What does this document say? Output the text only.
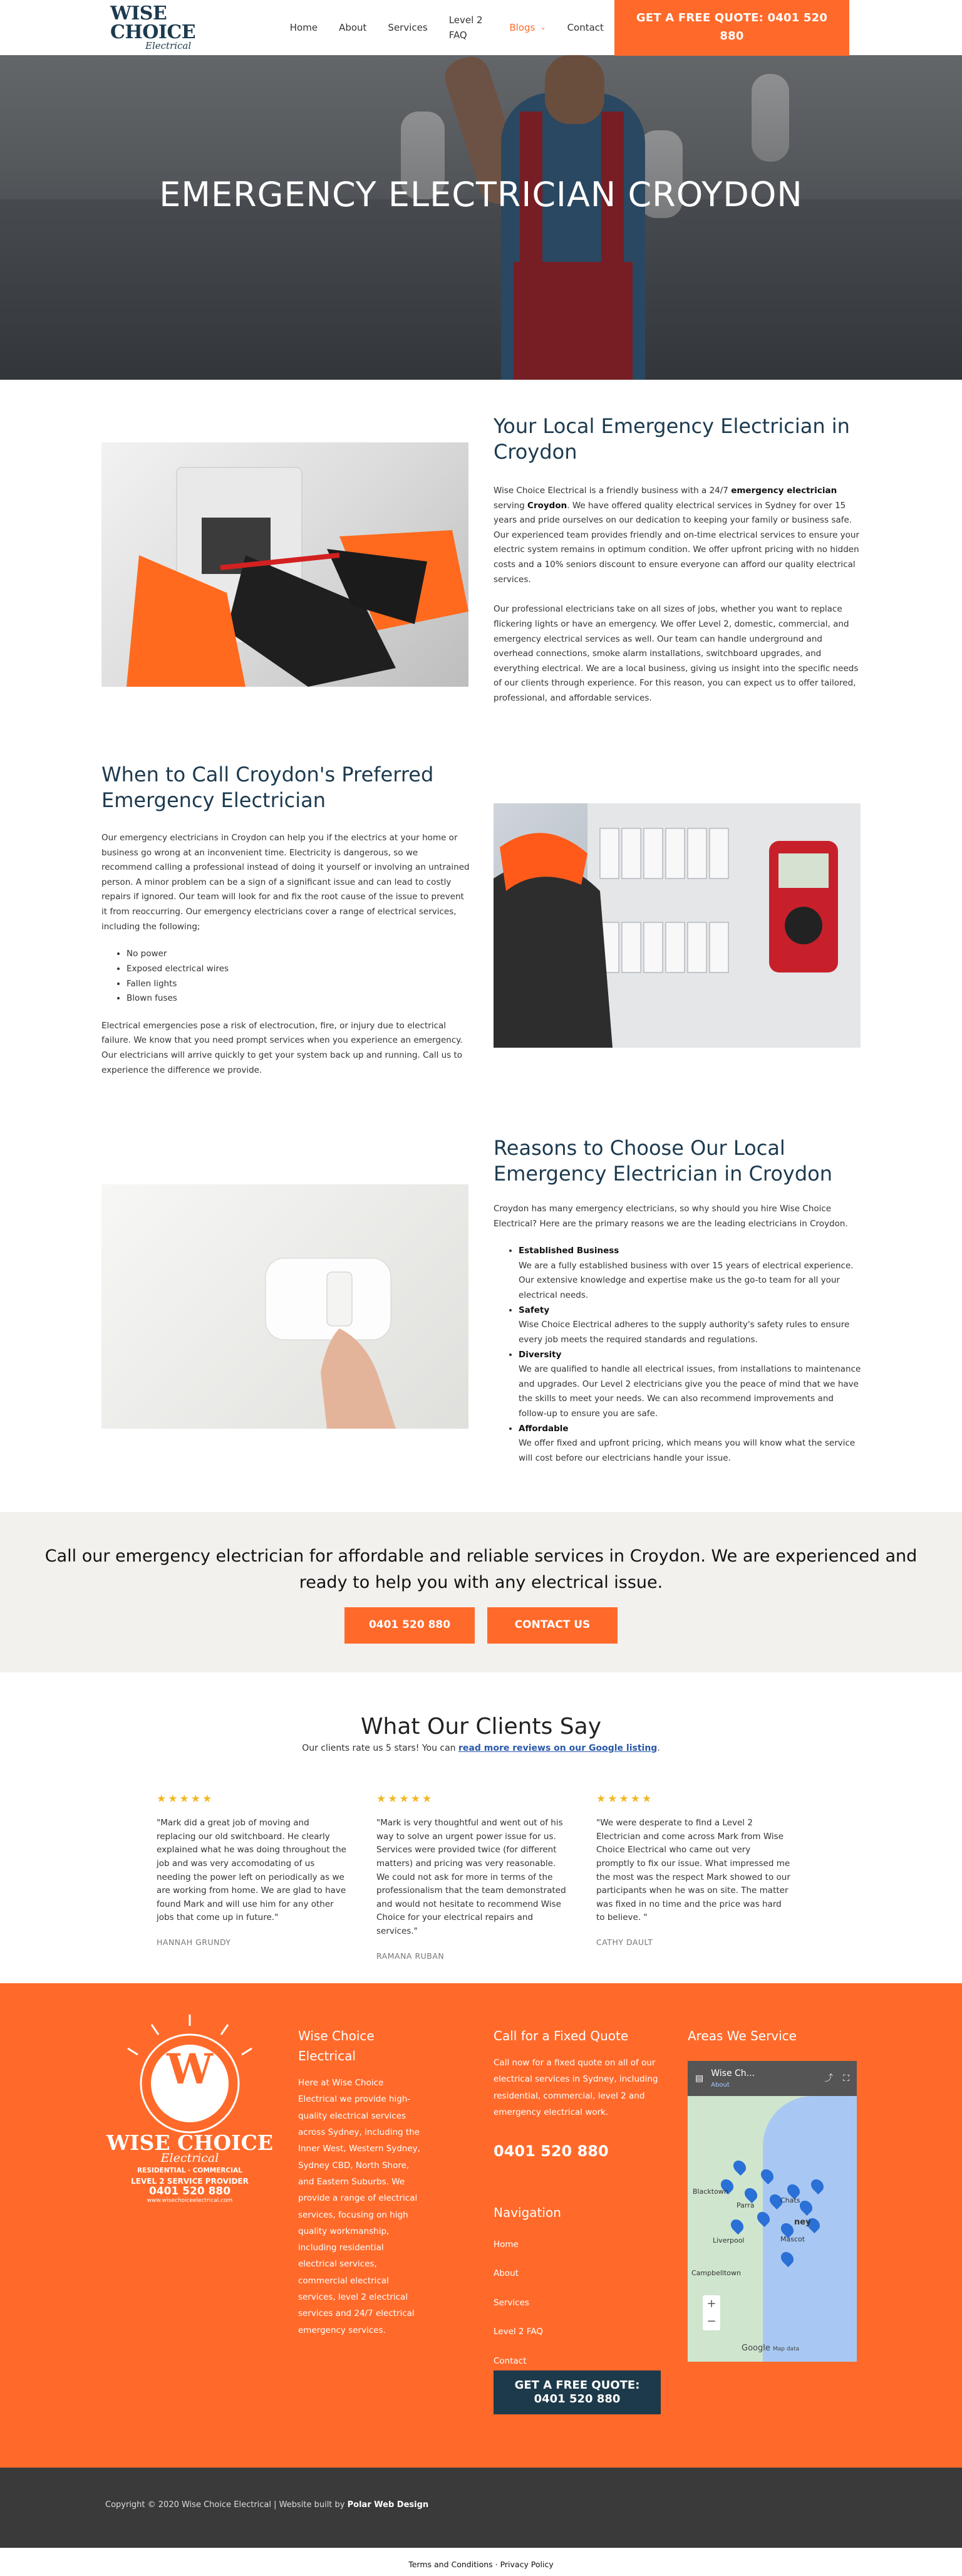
WISE CHOICE
Electrical
Home	About	Services
Level 2 FAQ
Blogs ⌄	Contact
GET A FREE QUOTE: 0401 520 880
EMERGENCY ELECTRICIAN CROYDON
Your Local Emergency Electrician in Croydon

Wise Choice Electrical is a friendly business with a 24/7 emergency electrician serving Croydon. We have offered quality electrical services in Sydney for over 15 years and pride ourselves on our dedication to keeping your family or business safe. Our experienced team provides friendly and on-time electrical services to ensure your electric system remains in optimum condition. We offer upfront pricing with no hidden costs and a 10% seniors discount to ensure everyone can afford our quality electrical services.

Our professional electricians take on all sizes of jobs, whether you want to replace flickering lights or have an emergency. We offer Level 2, domestic, commercial, and emergency electrical services as well. Our team can handle underground and overhead connections, smoke alarm installations, switchboard upgrades, and everything electrical. We are a local business, giving us insight into the specific needs of our clients through experience. For this reason, you can expect us to offer tailored, professional, and affordable services.

When to Call Croydon's Preferred Emergency Electrician

Our emergency electricians in Croydon can help you if the electrics at your home or business go wrong at an inconvenient time. Electricity is dangerous, so we recommend calling a professional instead of doing it yourself or involving an untrained person. A minor problem can be a sign of a significant issue and can lead to costly repairs if ignored. Our team will look for and fix the root cause of the issue to prevent it from reoccurring. Our emergency electricians cover a range of electrical services, including the following;

• No power
• Exposed electrical wires
• Fallen lights
• Blown fuses

Electrical emergencies pose a risk of electrocution, fire, or injury due to electrical failure. We know that you need prompt services when you experience an emergency. Our electricians will arrive quickly to get your system back up and running. Call us to experience the difference we provide.

Reasons to Choose Our Local Emergency Electrician in Croydon

Croydon has many emergency electricians, so why should you hire Wise Choice Electrical? Here are the primary reasons we are the leading electricians in Croydon.

• Established Business
We are a fully established business with over 15 years of electrical experience. Our extensive knowledge and expertise make us the go-to team for all your electrical needs.
• Safety
Wise Choice Electrical adheres to the supply authority's safety rules to ensure every job meets the required standards and regulations.
• Diversity
We are qualified to handle all electrical issues, from installations to maintenance and upgrades. Our Level 2 electricians give you the peace of mind that we have the skills to meet your needs. We can also recommend improvements and follow-up to ensure you are safe.
• Affordable
We offer fixed and upfront pricing, which means you will know what the service will cost before our electricians handle your issue.

Call our emergency electrician for affordable and reliable services in Croydon. We are experienced and ready to help you with any electrical issue.

0401 520 880	CONTACT US
What Our Clients Say

Our clients rate us 5 stars! You can read more reviews on our Google listing.

★★★★★
"Mark did a great job of moving and replacing our old switchboard. He clearly explained what he was doing throughout the job and was very accomodating of us needing the power left on periodically as we are working from home. We are glad to have found Mark and will use him for any other jobs that come up in future."
HANNAH GRUNDY
★★★★★
"Mark is very thoughtful and went out of his way to solve an urgent power issue for us. Services were provided twice (for different matters) and pricing was very reasonable. We could not ask for more in terms of the professionalism that the team demonstrated and would not hesitate to recommend Wise Choice for your electrical repairs and services."
RAMANA RUBAN
★★★★★
"We were desperate to find a Level 2 Electrician and come across Mark from Wise Choice Electrical who came out very promptly to fix our issue. What impressed me the most was the respect Mark showed to our participants when he was on site. The matter was fixed in no time and the price was hard to believe. "
CATHY DAULT
W
WISE CHOICE
Electrical
RESIDENTIAL · COMMERCIAL
LEVEL 2 SERVICE PROVIDER
0401 520 880
www.wisechoiceelectrical.com
Wise Choice Electrical
Here at Wise Choice Electrical we provide high-quality electrical services across Sydney, including the Inner West, Western Sydney, Sydney CBD, North Shore, and Eastern Suburbs. We provide a range of electrical services, focusing on high quality workmanship, including residential electrical services, commercial electrical services, level 2 electrical services and 24/7 electrical emergency services.
Call for a Fixed Quote
Call now for a fixed quote on all of our electrical services in Sydney, including residential, commercial, level 2 and emergency electrical work.
0401 520 880
Navigation
Home
About
Services
Level 2 FAQ
Contact
GET A FREE QUOTE:
0401 520 880
Areas We Service
▤ Wise Ch...
About
⤴ ⛶
Blacktown
Parra
Chats
Liverpool
ney
Mascot
Campbelltown
+
−
Google Map data
Copyright © 2020 Wise Choice Electrical | Website built by Polar Web Design
Terms and Conditions · Privacy Policy
